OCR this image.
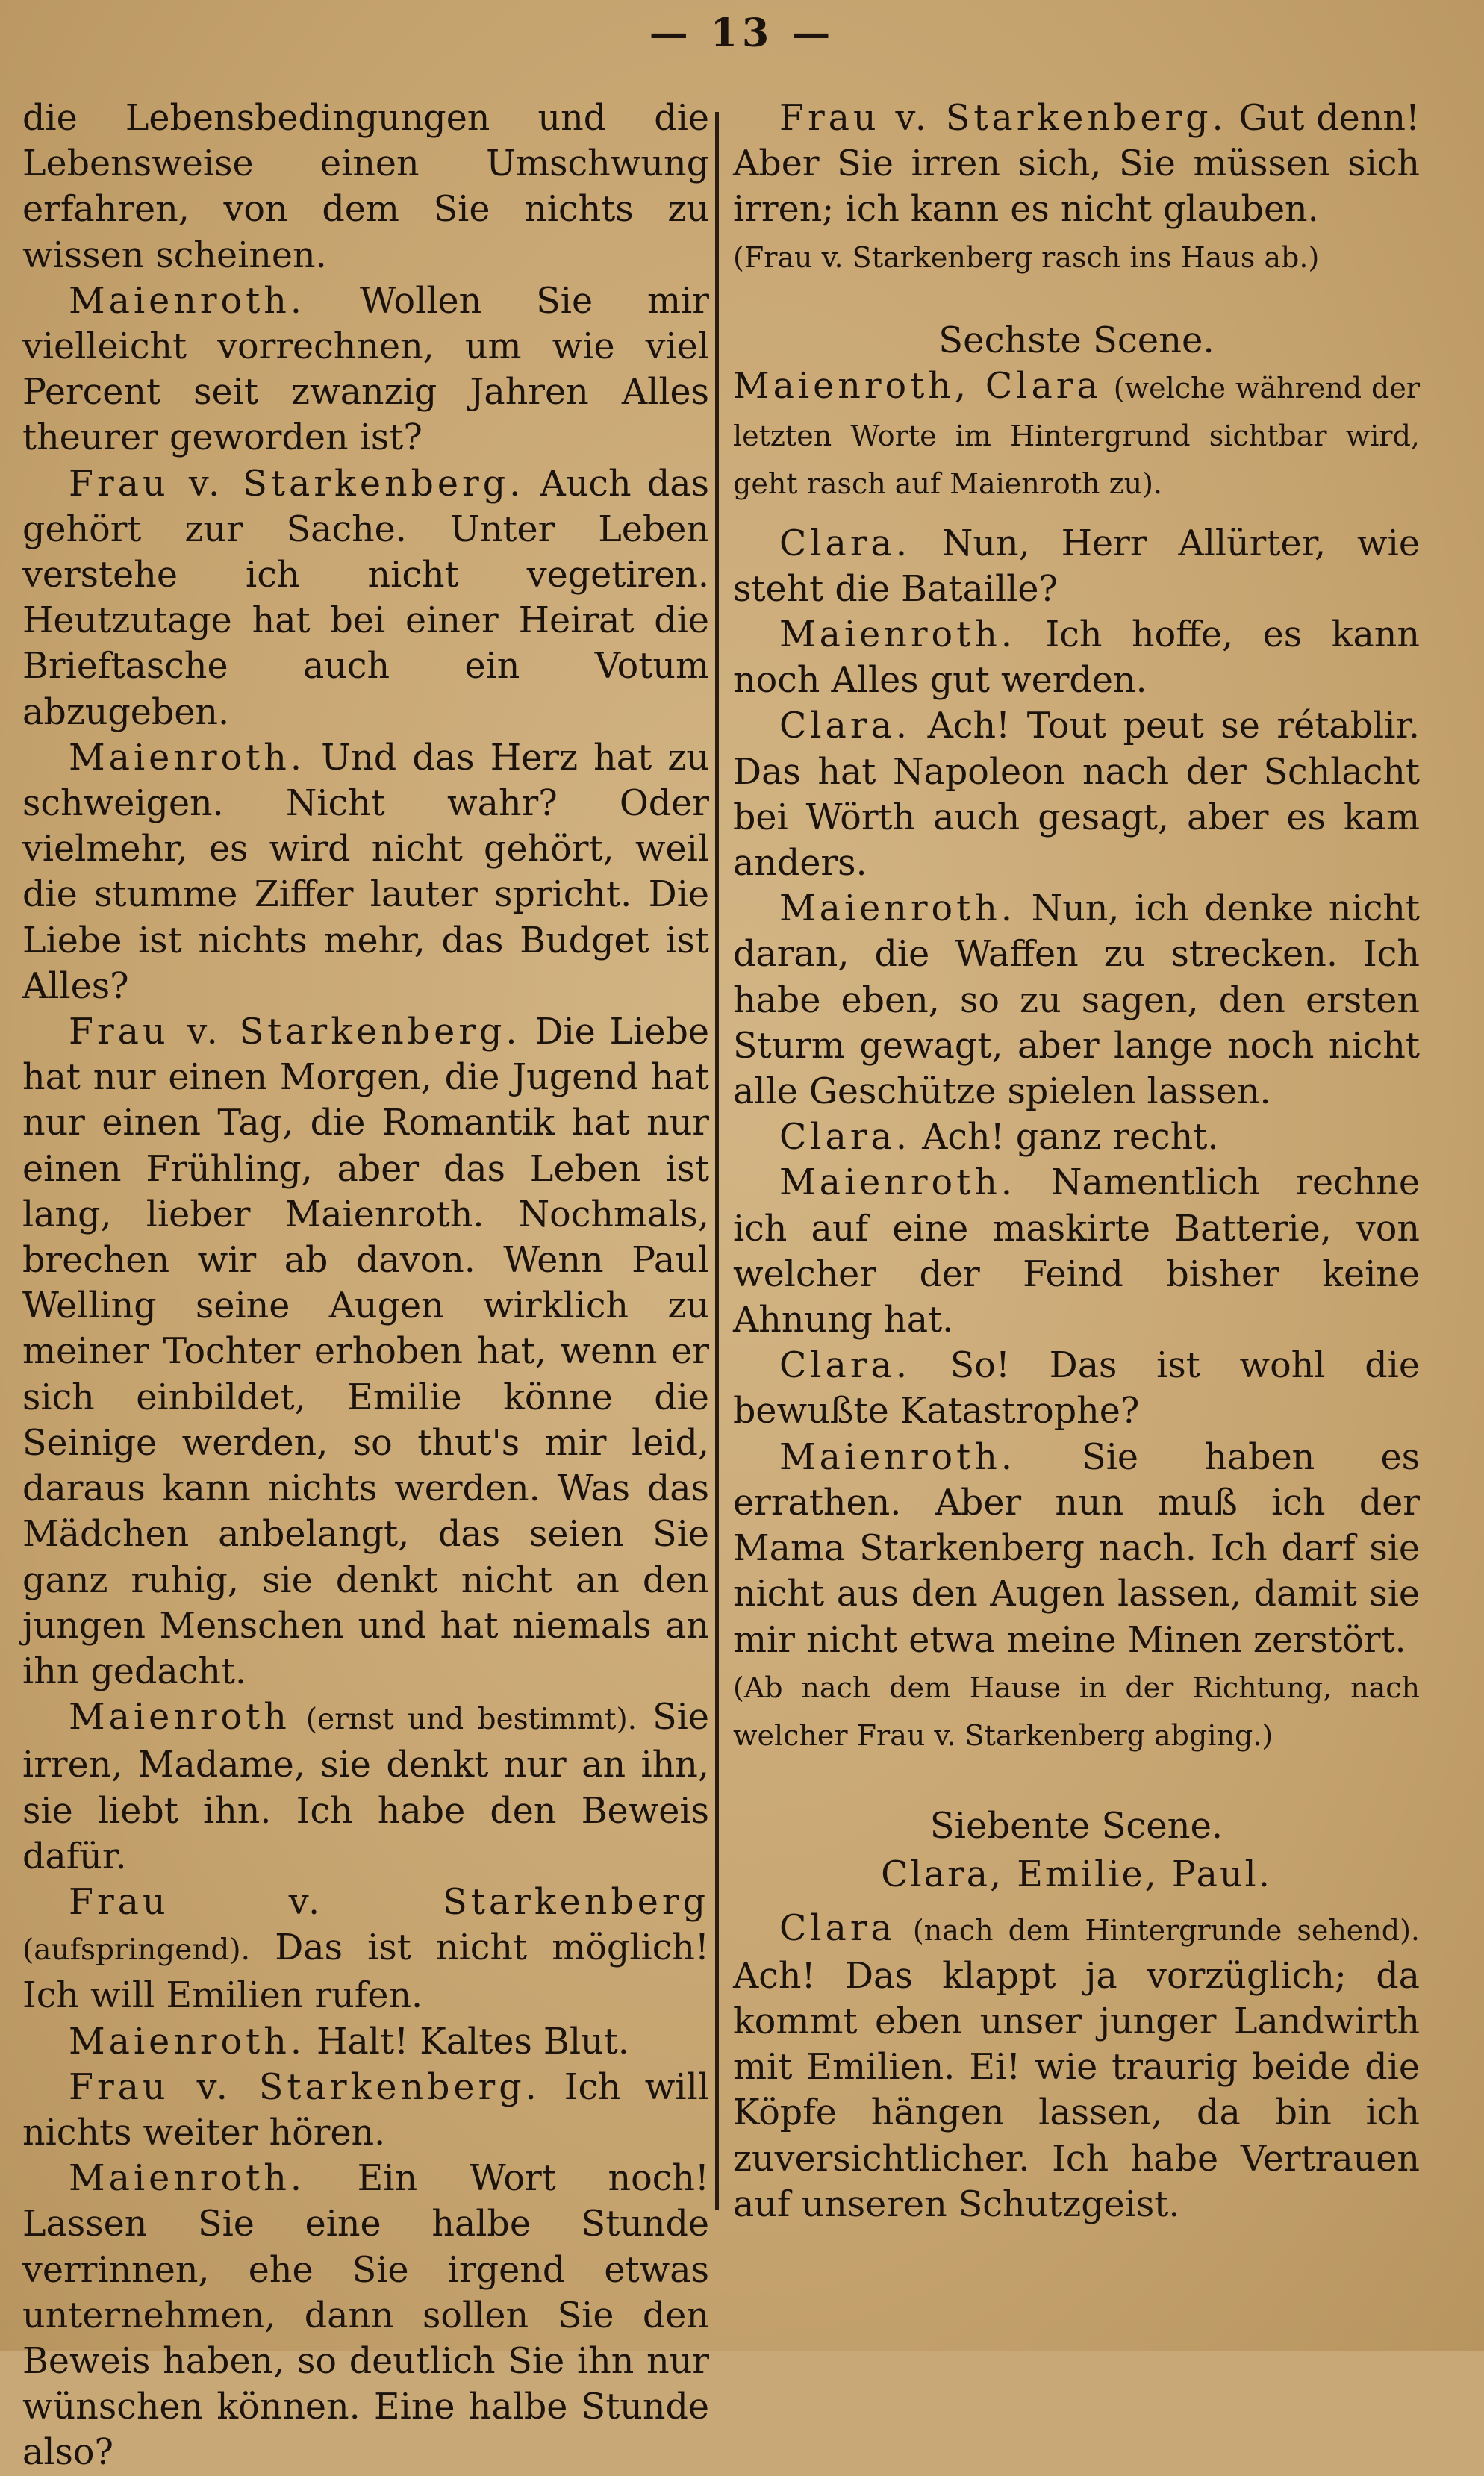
— 13 —

die Lebensbedingungen und die Lebensweise einen Umschwung erfahren, von dem Sie nichts zu wissen scheinen.

Maienroth. Wollen Sie mir vielleicht vorrechnen, um wie viel Percent seit zwanzig Jahren Alles theurer geworden ist?

Frau v. Starkenberg. Auch das gehört zur Sache. Unter Leben verstehe ich nicht vegetiren. Heutzutage hat bei einer Heirat die Brieftasche auch ein Votum abzugeben.

Maienroth. Und das Herz hat zu schweigen. Nicht wahr? Oder vielmehr, es wird nicht gehört, weil die stumme Ziffer lauter spricht. Die Liebe ist nichts mehr, das Budget ist Alles?

Frau v. Starkenberg. Die Liebe hat nur einen Morgen, die Jugend hat nur einen Tag, die Romantik hat nur einen Frühling, aber das Leben ist lang, lieber Maienroth. Nochmals, brechen wir ab davon. Wenn Paul Welling seine Augen wirklich zu meiner Tochter erhoben hat, wenn er sich einbildet, Emilie könne die Seinige werden, so thut's mir leid, daraus kann nichts werden. Was das Mädchen anbelangt, das seien Sie ganz ruhig, sie denkt nicht an den jungen Menschen und hat niemals an ihn gedacht.

Maienroth (ernst und bestimmt). Sie irren, Madame, sie denkt nur an ihn, sie liebt ihn. Ich habe den Beweis dafür.

Frau v. Starkenberg (aufspringend). Das ist nicht möglich! Ich will Emilien rufen.

Maienroth. Halt! Kaltes Blut.

Frau v. Starkenberg. Ich will nichts weiter hören.

Maienroth. Ein Wort noch! Lassen Sie eine halbe Stunde verrinnen, ehe Sie irgend etwas unternehmen, dann sollen Sie den Beweis haben, so deutlich Sie ihn nur wünschen können. Eine halbe Stunde also?

Frau v. Starkenberg. Gut denn! Aber Sie irren sich, Sie müssen sich irren; ich kann es nicht glauben.

(Frau v. Starkenberg rasch ins Haus ab.)

Sechste Scene.

Maienroth, Clara (welche während der letzten Worte im Hintergrund sichtbar wird, geht rasch auf Maienroth zu).

Clara. Nun, Herr Allürter, wie steht die Bataille?

Maienroth. Ich hoffe, es kann noch Alles gut werden.

Clara. Ach! Tout peut se rétablir. Das hat Napoleon nach der Schlacht bei Wörth auch gesagt, aber es kam anders.

Maienroth. Nun, ich denke nicht daran, die Waffen zu strecken. Ich habe eben, so zu sagen, den ersten Sturm gewagt, aber lange noch nicht alle Geschütze spielen lassen.

Clara. Ach! ganz recht.

Maienroth. Namentlich rechne ich auf eine maskirte Batterie, von welcher der Feind bisher keine Ahnung hat.

Clara. So! Das ist wohl die bewußte Katastrophe?

Maienroth. Sie haben es errathen. Aber nun muß ich der Mama Starkenberg nach. Ich darf sie nicht aus den Augen lassen, damit sie mir nicht etwa meine Minen zerstört.

(Ab nach dem Hause in der Richtung, nach welcher Frau v. Starkenberg abging.)

Siebente Scene.

Clara, Emilie, Paul.

Clara (nach dem Hintergrunde sehend). Ach! Das klappt ja vorzüglich; da kommt eben unser junger Landwirth mit Emilien. Ei! wie traurig beide die Köpfe hängen lassen, da bin ich zuversichtlicher. Ich habe Vertrauen auf unseren Schutzgeist.
